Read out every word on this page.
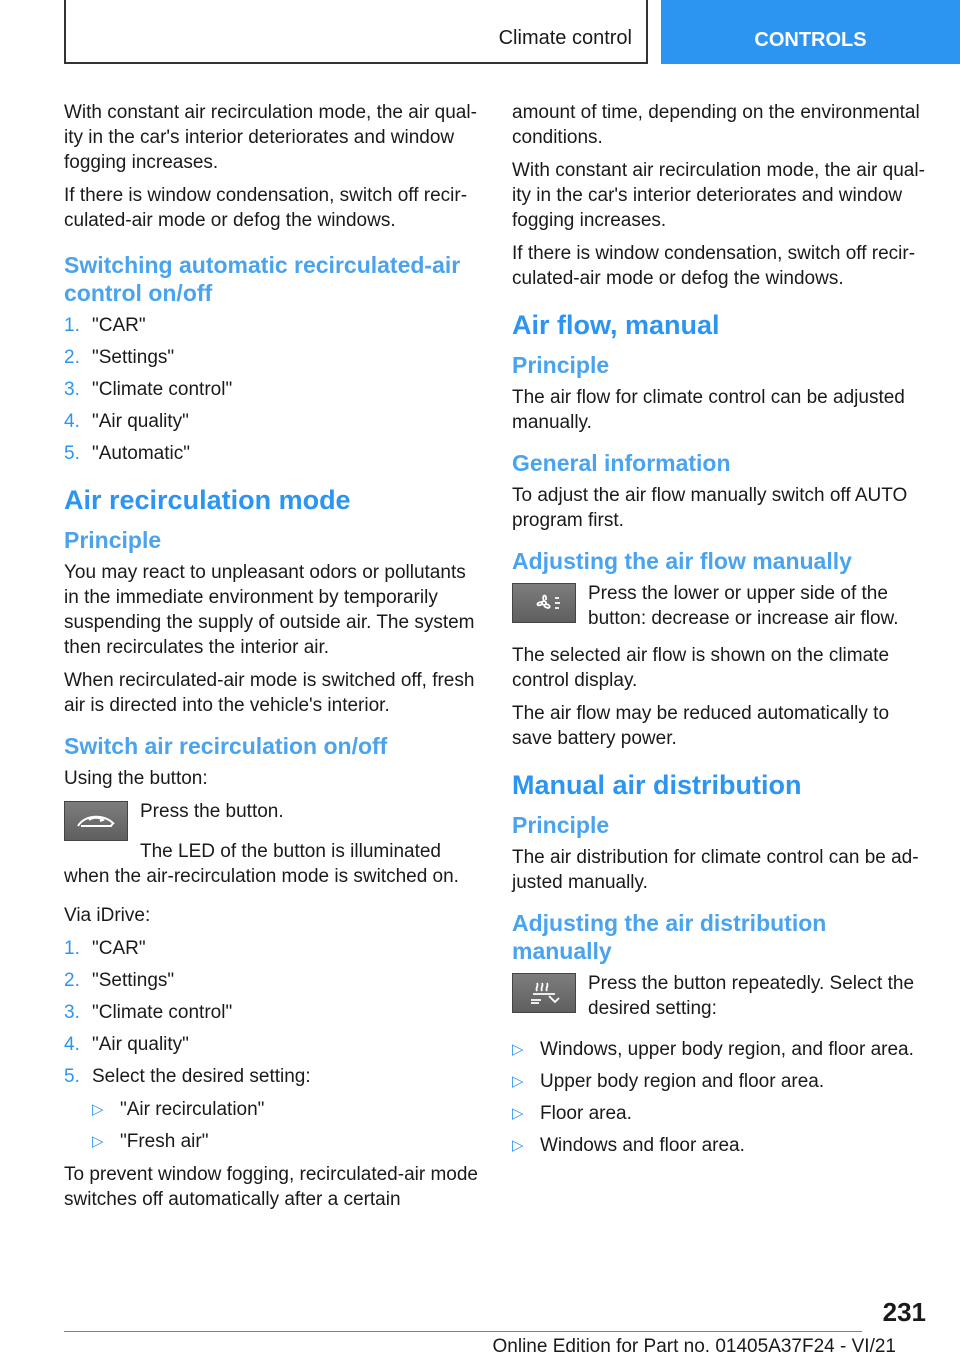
Climate control	CONTROLS

With constant air recirculation mode, the air qual-ity in the car's interior deteriorates and window fogging increases.

If there is window condensation, switch off recir-culated-air mode or defog the windows.

Switching automatic recirculated-air control on/off
1. "CAR"
2. "Settings"
3. "Climate control"
4. "Air quality"
5. "Automatic"
Air recirculation mode
Principle

You may react to unpleasant odors or pollutants in the immediate environment by temporarily suspending the supply of outside air. The system then recirculates the interior air.

When recirculated-air mode is switched off, fresh air is directed into the vehicle's interior.

Switch air recirculation on/off

Using the button:

Press the button.

The LED of the button is illuminated when the air-recirculation mode is switched on.

Via iDrive:

1. "CAR"
2. "Settings"
3. "Climate control"
4. "Air quality"
5. Select the desired setting:
▷ "Air recirculation"
▷ "Fresh air"

To prevent window fogging, recirculated-air mode switches off automatically after a certain

amount of time, depending on the environmental conditions.

With constant air recirculation mode, the air qual-ity in the car's interior deteriorates and window fogging increases.

If there is window condensation, switch off recir-culated-air mode or defog the windows.

Air flow, manual
Principle

The air flow for climate control can be adjusted manually.

General information

To adjust the air flow manually switch off AUTO program first.

Adjusting the air flow manually

Press the lower or upper side of the button: decrease or increase air flow.

The selected air flow is shown on the climate control display.

The air flow may be reduced automatically to save battery power.

Manual air distribution
Principle

The air distribution for climate control can be ad-justed manually.

Adjusting the air distribution manually

Press the button repeatedly. Select the desired setting:

▷ Windows, upper body region, and floor area.
▷ Upper body region and floor area.
▷ Floor area.
▷ Windows and floor area.
231
Online Edition for Part no. 01405A37F24 - VI/21
